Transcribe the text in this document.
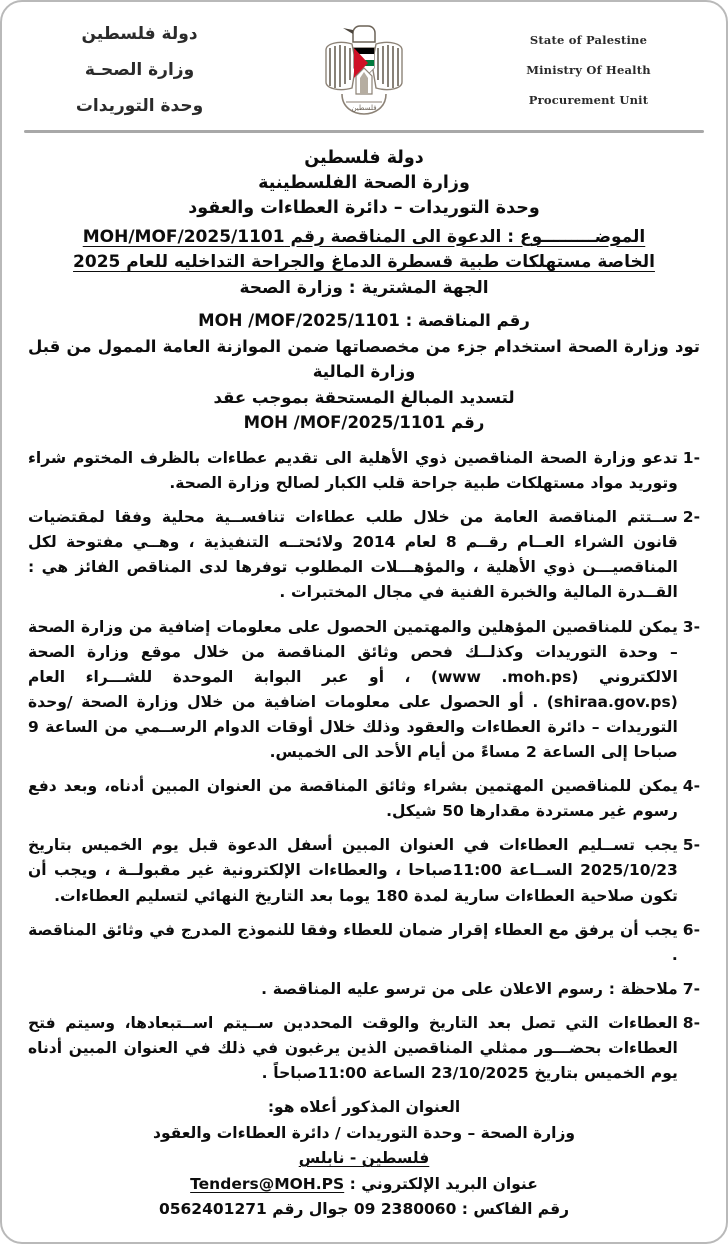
State of Palestine
Ministry Of Health
Procurement Unit
فلسطين
دولة فلسطين
وزارة الصحـة
وحدة التوريدات
دولة فلسطين
وزارة الصحة الفلسطينية
وحدة التوريدات – دائرة العطاءات والعقود
الموضـــــــــوع : الدعوة الى المناقصة رقم MOH/MOF/2025/1101
الخاصة مستهلكات طبية قسطرة الدماغ والجراحة التداخليه للعام 2025
الجهة المشترية : وزارة الصحة
رقم المناقصة : MOH /MOF/2025/1101
تود وزارة الصحة استخدام جزء من مخصصاتها ضمن الموازنة العامة الممول من قبل وزارة المالية
لتسديد المبالغ المستحقة بموجب عقد
رقم MOH /MOF/2025/1101
1-
تدعو وزارة الصحة المناقصين ذوي الأهلية الى تقديم عطاءات بالظرف المختوم شراء وتوريد مواد مستهلكات طبية جراحة قلب الكبار لصالح وزارة الصحة.
2-
ســتتم المناقصة العامة من خلال طلب عطاءات تنافســية محلية وفقا لمقتضيات قانون الشراء العــام رقــم 8 لعام 2014 ولائحتــه التنفيذية ، وهــي مفتوحة لكل المناقصيـــن ذوي الأهلية ، والمؤهـــلات المطلوب توفرها لدى المناقص الفائز هي : القــدرة المالية والخبرة الفنية في مجال المختبرات .
3-
يمكن للمناقصين المؤهلين والمهتمين الحصول على معلومات إضافية من وزارة الصحة – وحدة التوريدات وكذلــك فحص وثائق المناقصة من خلال موقع وزارة الصحة الالكتروني (www .moh.ps) ، أو عبر البوابة الموحدة للشـــراء العام (shiraa.gov.ps) . أو الحصول على معلومات اضافية من خلال وزارة الصحة /وحدة التوريدات – دائرة العطاءات والعقود وذلك خلال أوقات الدوام الرســمي من الساعة 9 صباحا إلى الساعة 2 مساءً من أيام الأحد الى الخميس.
4-
يمكن للمناقصين المهتمين بشراء وثائق المناقصة من العنوان المبين أدناه، وبعد دفع رسوم غير مستردة مقدارها 50 شيكل.
5-
يجب تســليم العطاءات في العنوان المبين أسفل الدعوة قبل يوم الخميس بتاريخ 2025/10/23 الســاعة 11:00صباحا ، والعطاءات الإلكترونية غير مقبولــة ، ويجب أن تكون صلاحية العطاءات سارية لمدة 180 يوما بعد التاريخ النهائي لتسليم العطاءات.
6-
يجب أن يرفق مع العطاء إقرار ضمان للعطاء وفقا للنموذج المدرج في وثائق المناقصة .
7-
ملاحظة : رسوم الاعلان على من ترسو عليه المناقصة .
8-
العطاءات التي تصل بعد التاريخ والوقت المحددين ســيتم اســتبعادها، وسيتم فتح العطاءات بحضـــور ممثلي المناقصين الذين يرغبون في ذلك في العنوان المبين أدناه يوم الخميس بتاريخ 23/10/2025 الساعة 11:00صباحاً .
العنوان المذكور أعلاه هو:
وزارة الصحة – وحدة التوريدات / دائرة العطاءات والعقود
فلسطين - نابلس
عنوان البريد الإلكتروني : Tenders@MOH.PS
رقم الفاكس : 2380060 09 جوال رقم 0562401271
